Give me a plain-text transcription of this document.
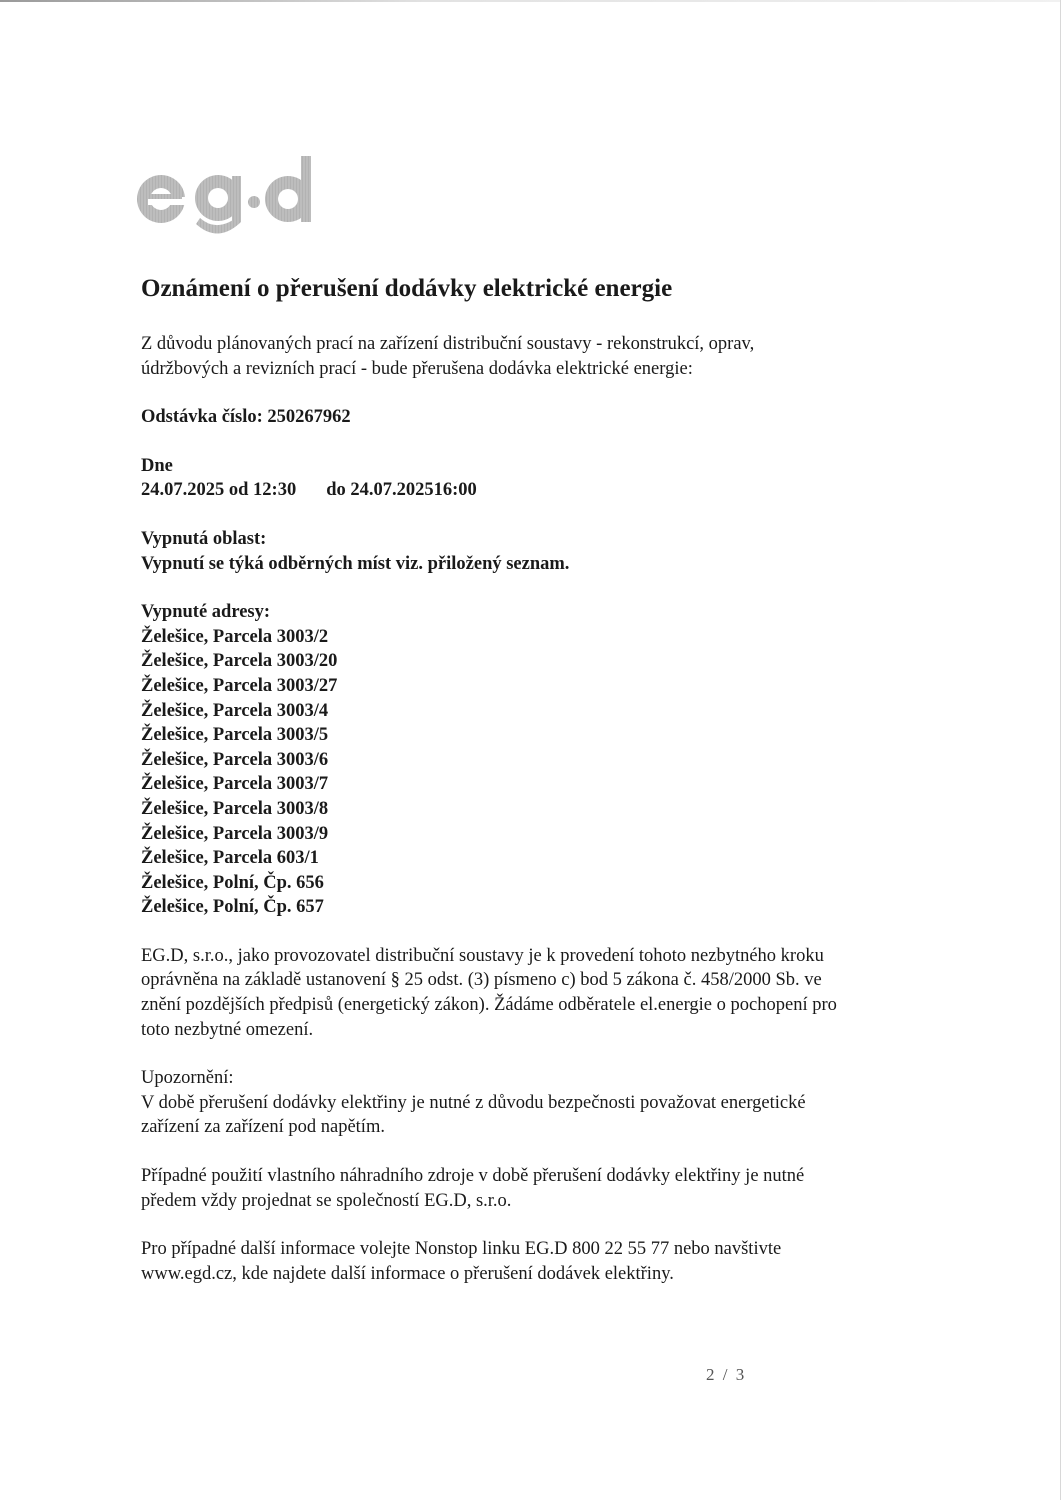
Oznámení o přerušení dodávky elektrické energie

Z důvodu plánovaných prací na zařízení distribuční soustavy - rekonstrukcí, oprav,

údržbových a revizních prací - bude přerušena dodávka elektrické energie:

Odstávka číslo: 250267962

Dne

24.07.2025 od 12:30 do 24.07.202516:00

Vypnutá oblast:

Vypnutí se týká odběrných míst viz. přiložený seznam.

Vypnuté adresy:

Želešice, Parcela 3003/2
Želešice, Parcela 3003/20
Želešice, Parcela 3003/27
Želešice, Parcela 3003/4
Želešice, Parcela 3003/5
Želešice, Parcela 3003/6
Želešice, Parcela 3003/7
Želešice, Parcela 3003/8
Želešice, Parcela 3003/9
Želešice, Parcela 603/1
Želešice, Polní, Čp. 656
Želešice, Polní, Čp. 657

EG.D, s.r.o., jako provozovatel distribuční soustavy je k provedení tohoto nezbytného kroku

oprávněna na základě ustanovení § 25 odst. (3) písmeno c) bod 5 zákona č. 458/2000 Sb. ve

znění pozdějších předpisů (energetický zákon). Žádáme odběratele el.energie o pochopení pro

toto nezbytné omezení.

Upozornění:

V době přerušení dodávky elektřiny je nutné z důvodu bezpečnosti považovat energetické

zařízení za zařízení pod napětím.

Případné použití vlastního náhradního zdroje v době přerušení dodávky elektřiny je nutné

předem vždy projednat se společností EG.D, s.r.o.

Pro případné další informace volejte Nonstop linku EG.D 800 22 55 77 nebo navštivte

www.egd.cz, kde najdete další informace o přerušení dodávek elektřiny.

2 / 3
